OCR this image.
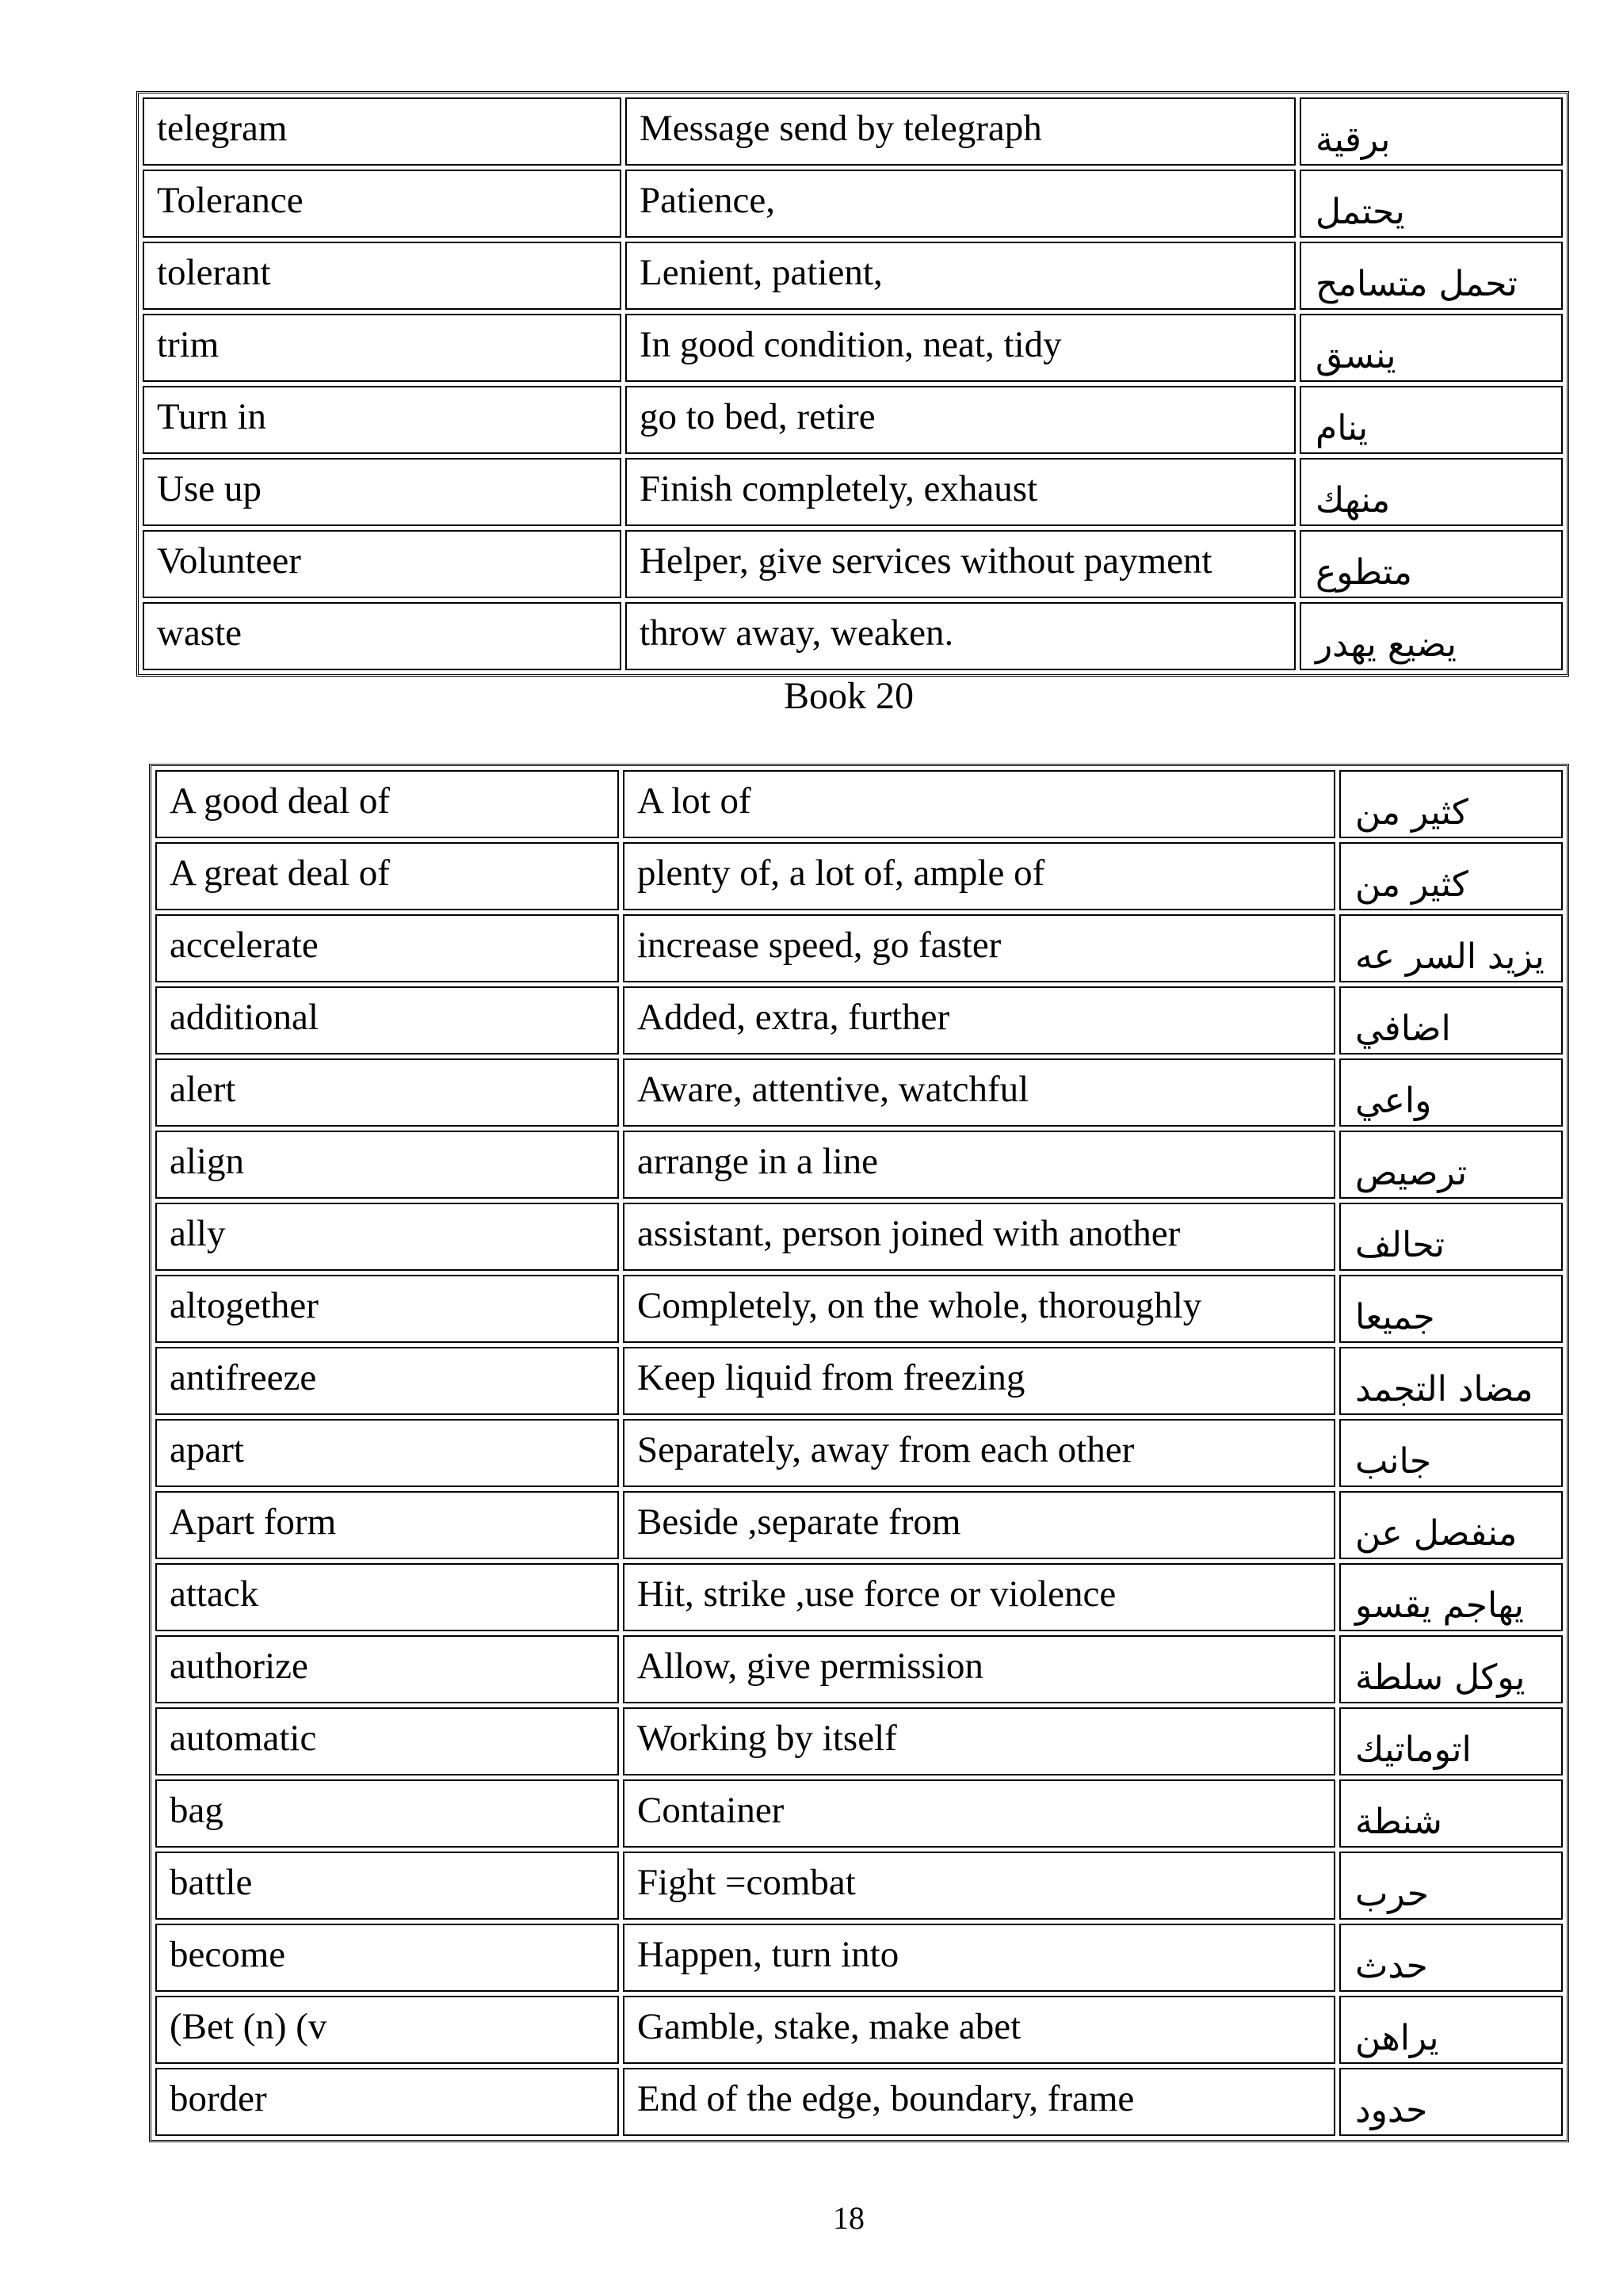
telegram	Message send by telegraph	برقية
Tolerance	Patience,	يحتمل
tolerant	Lenient, patient,	تحمل متسامح
trim	In good condition, neat, tidy	ينسق
Turn in	go to bed, retire	ينام
Use up	Finish completely, exhaust	منهك
Volunteer	Helper, give services without payment	متطوع
waste	throw away, weaken.	يضيع يهدر
Book 20
A good deal of	A lot of	كثير من
A great deal of	plenty of, a lot of, ample of	كثير من
accelerate	increase speed, go faster	يزيد السر عه
additional	Added, extra, further	اضافي
alert	Aware, attentive, watchful	واعي
align	arrange in a line	ترصيص
ally	assistant, person joined with another	تحالف
altogether	Completely, on the whole, thoroughly	جميعا
antifreeze	Keep liquid from freezing	مضاد التجمد
apart	Separately, away from each other	جانب
Apart form	Beside ,separate from	منفصل عن
attack	Hit, strike ,use force or violence	يهاجم يقسو
authorize	Allow, give permission	يوكل سلطة
automatic	Working by itself	اتوماتيك
bag	Container	شنطة
battle	Fight =combat	حرب
become	Happen, turn into	حدث
(Bet (n) (v	Gamble, stake, make abet	يراهن
border	End of the edge, boundary, frame	حدود
18
